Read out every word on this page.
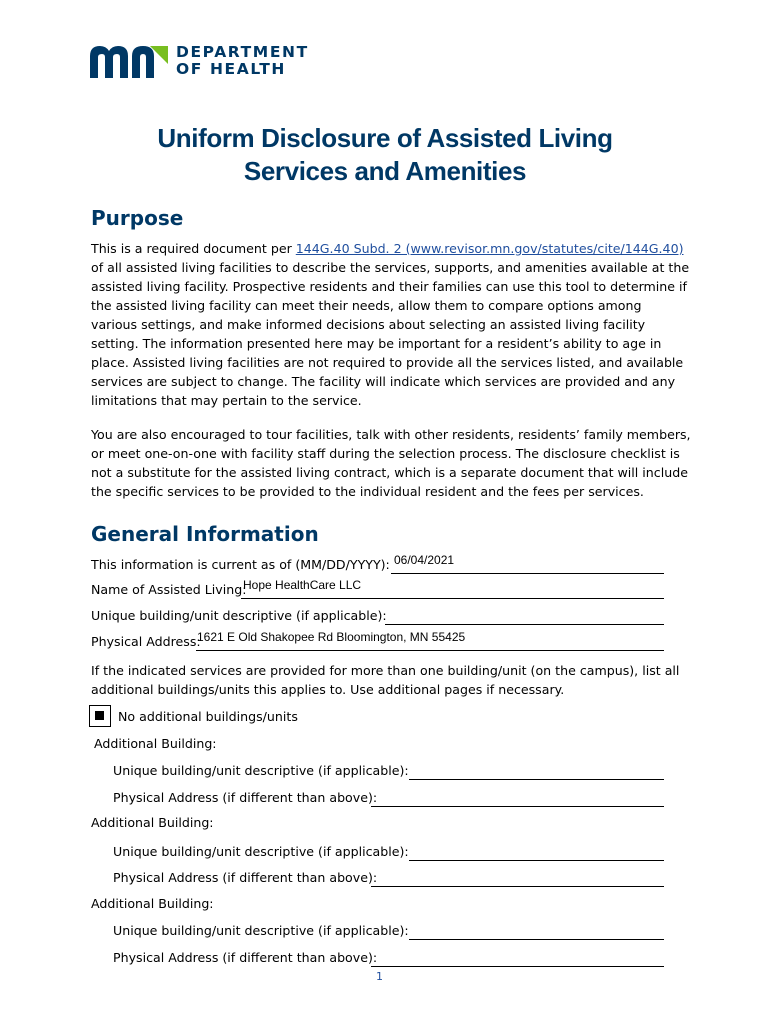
DEPARTMENT
OF HEALTH
Uniform Disclosure of Assisted Living
Services and Amenities
Purpose
This is a required document per 144G.40 Subd. 2 (www.revisor.mn.gov/statutes/cite/144G.40) of all assisted living facilities to describe the services, supports, and amenities available at the assisted living facility. Prospective residents and their families can use this tool to determine if the assisted living facility can meet their needs, allow them to compare options among various settings, and make informed decisions about selecting an assisted living facility setting. The information presented here may be important for a resident’s ability to age in place. Assisted living facilities are not required to provide all the services listed, and available services are subject to change. The facility will indicate which services are provided and any limitations that may pertain to the service.
You are also encouraged to tour facilities, talk with other residents, residents’ family members, or meet one-on-one with facility staff during the selection process. The disclosure checklist is not a substitute for the assisted living contract, which is a separate document that will include the specific services to be provided to the individual resident and the fees per services.
General Information
This information is current as of (MM/DD/YYYY): 06/04/2021
Name of Assisted Living:
Hope HealthCare LLC
Unique building/unit descriptive (if applicable):
Physical Address:
1621 E Old Shakopee Rd Bloomington, MN 55425
If the indicated services are provided for more than one building/unit (on the campus), list all additional buildings/units this applies to. Use additional pages if necessary.
No additional buildings/units
Additional Building:
Unique building/unit descriptive (if applicable):
Physical Address (if different than above):
Additional Building:
Unique building/unit descriptive (if applicable):
Physical Address (if different than above):
Additional Building:
Unique building/unit descriptive (if applicable):
Physical Address (if different than above):
1
